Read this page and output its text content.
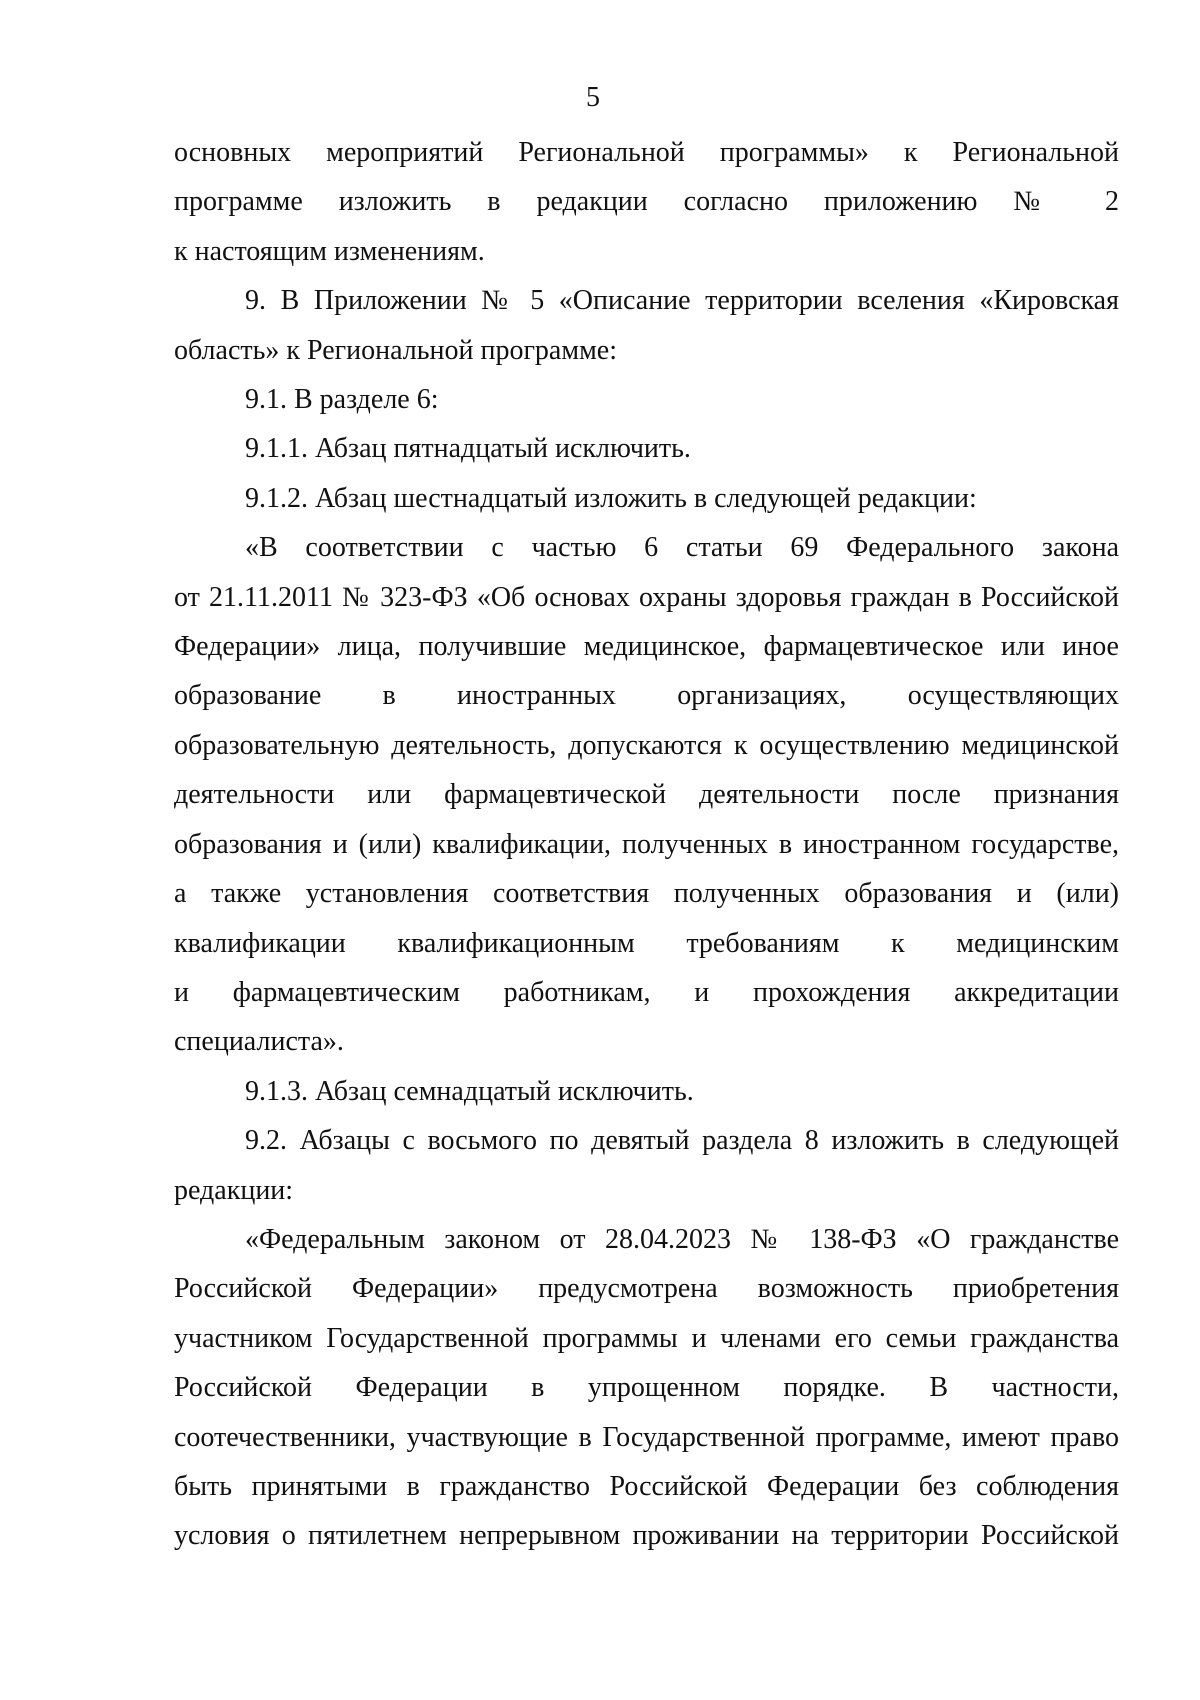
5

основных мероприятий Региональной программы» к Региональной
программе изложить в редакции согласно приложению № 2
к настоящим изменениям.

9. В Приложении № 5 «Описание территории вселения «Кировская
область» к Региональной программе:

9.1. В разделе 6:

9.1.1. Абзац пятнадцатый исключить.

9.1.2. Абзац шестнадцатый изложить в следующей редакции:

«В соответствии с частью 6 статьи 69 Федерального закона
от 21.11.2011 № 323-ФЗ «Об основах охраны здоровья граждан в Российской
Федерации» лица, получившие медицинское, фармацевтическое или иное
образование в иностранных организациях, осуществляющих
образовательную деятельность, допускаются к осуществлению медицинской
деятельности или фармацевтической деятельности после признания
образования и (или) квалификации, полученных в иностранном государстве,
а также установления соответствия полученных образования и (или)
квалификации квалификационным требованиям к медицинским
и фармацевтическим работникам, и прохождения аккредитации
специалиста».

9.1.3. Абзац семнадцатый исключить.

9.2. Абзацы с восьмого по девятый раздела 8 изложить в следующей
редакции:

«Федеральным законом от 28.04.2023 № 138-ФЗ «О гражданстве
Российской Федерации» предусмотрена возможность приобретения
участником Государственной программы и членами его семьи гражданства
Российской Федерации в упрощенном порядке. В частности,
соотечественники, участвующие в Государственной программе, имеют право
быть принятыми в гражданство Российской Федерации без соблюдения
условия о пятилетнем непрерывном проживании на территории Российской
